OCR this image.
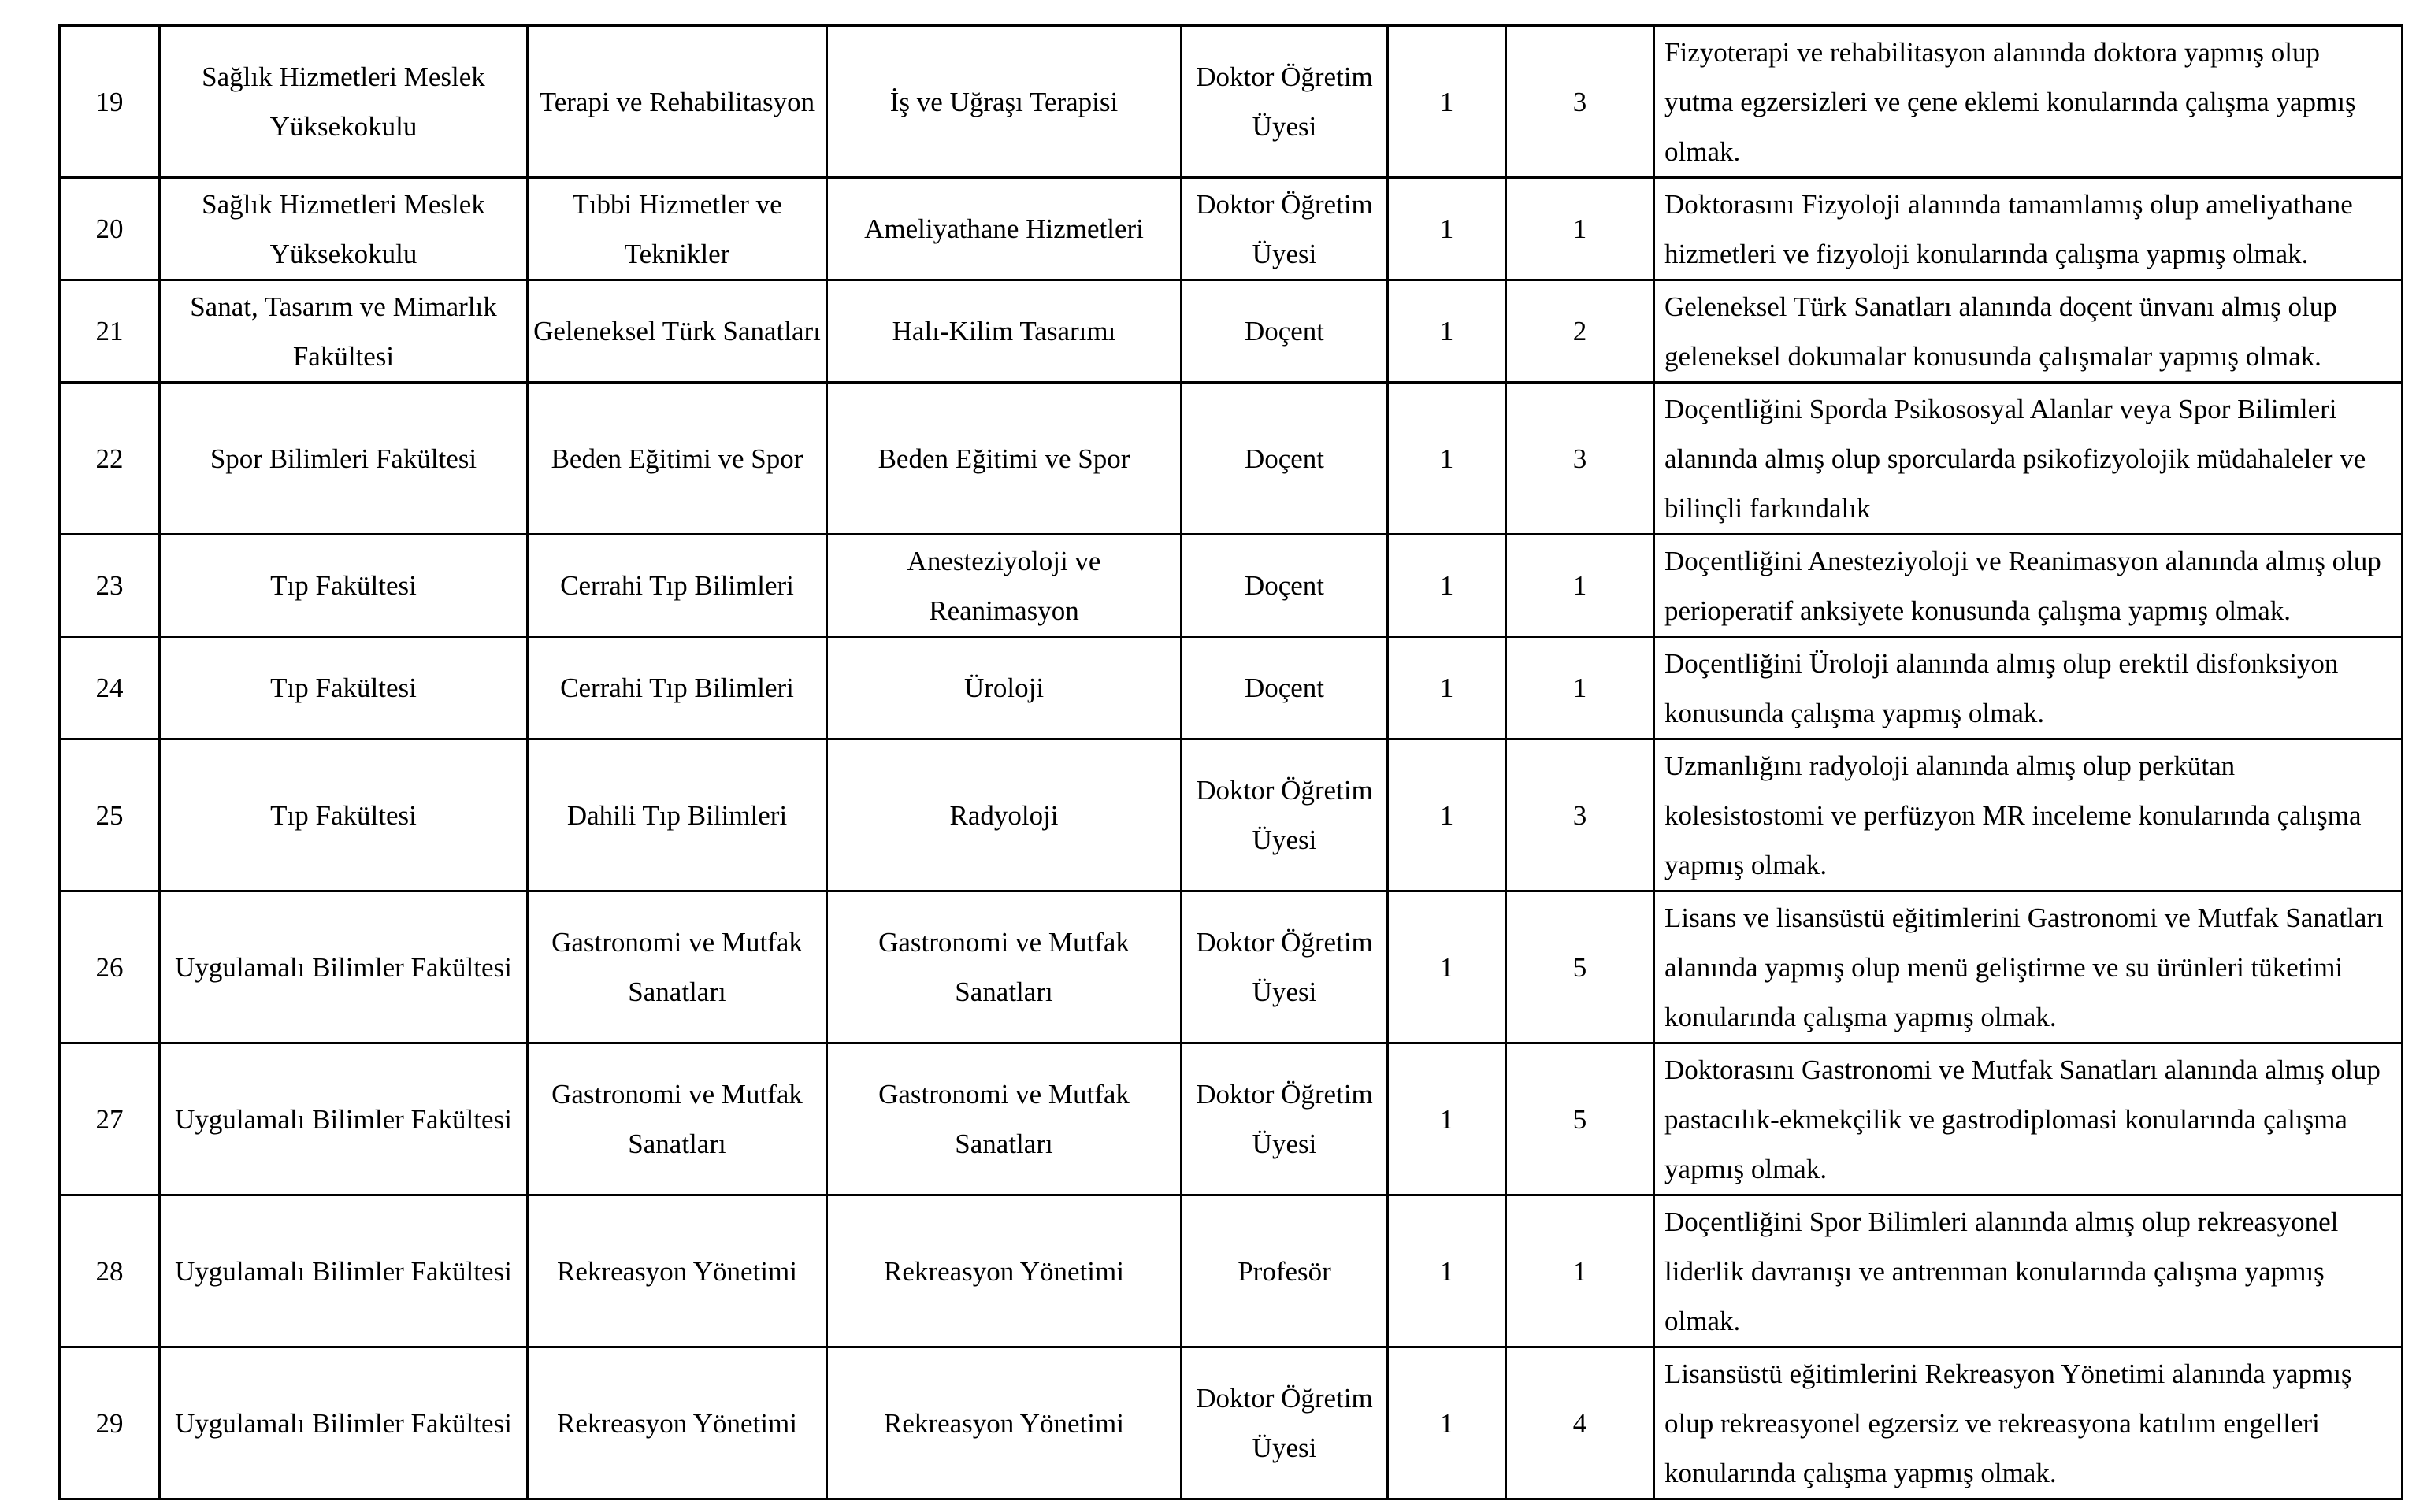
19	Sağlık Hizmetleri Meslek Yüksekokulu	Terapi ve Rehabilitasyon	İş ve Uğraşı Terapisi	Doktor Öğretim Üyesi	1	3	Fizyoterapi ve rehabilitasyon alanında doktora yapmış olup yutma egzersizleri ve çene eklemi konularında çalışma yapmış olmak.
20	Sağlık Hizmetleri Meslek Yüksekokulu	Tıbbi Hizmetler ve Teknikler	Ameliyathane Hizmetleri	Doktor Öğretim Üyesi	1	1	Doktorasını Fizyoloji alanında tamamlamış olup ameliyathane hizmetleri ve fizyoloji konularında çalışma yapmış olmak.
21	Sanat, Tasarım ve Mimarlık Fakültesi	Geleneksel Türk Sanatları	Halı-Kilim Tasarımı	Doçent	1	2	Geleneksel Türk Sanatları alanında doçent ünvanı almış olup geleneksel dokumalar konusunda çalışmalar yapmış olmak.
22	Spor Bilimleri Fakültesi	Beden Eğitimi ve Spor	Beden Eğitimi ve Spor	Doçent	1	3	Doçentliğini Sporda Psikososyal Alanlar veya Spor Bilimleri alanında almış olup sporcularda psikofizyolojik müdahaleler ve bilinçli farkındalık
23	Tıp Fakültesi	Cerrahi Tıp Bilimleri	Anesteziyoloji ve Reanimasyon	Doçent	1	1	Doçentliğini Anesteziyoloji ve Reanimasyon alanında almış olup perioperatif anksiyete konusunda çalışma yapmış olmak.
24	Tıp Fakültesi	Cerrahi Tıp Bilimleri	Üroloji	Doçent	1	1	Doçentliğini Üroloji alanında almış olup erektil disfonksiyon konusunda çalışma yapmış olmak.
25	Tıp Fakültesi	Dahili Tıp Bilimleri	Radyoloji	Doktor Öğretim Üyesi	1	3	Uzmanlığını radyoloji alanında almış olup perkütan kolesistostomi ve perfüzyon MR inceleme konularında çalışma yapmış olmak.
26	Uygulamalı Bilimler Fakültesi	Gastronomi ve Mutfak Sanatları	Gastronomi ve Mutfak Sanatları	Doktor Öğretim Üyesi	1	5	Lisans ve lisansüstü eğitimlerini Gastronomi ve Mutfak Sanatları alanında yapmış olup menü geliştirme ve su ürünleri tüketimi konularında çalışma yapmış olmak.
27	Uygulamalı Bilimler Fakültesi	Gastronomi ve Mutfak Sanatları	Gastronomi ve Mutfak Sanatları	Doktor Öğretim Üyesi	1	5	Doktorasını Gastronomi ve Mutfak Sanatları alanında almış olup pastacılık-ekmekçilik ve gastrodiplomasi konularında çalışma yapmış olmak.
28	Uygulamalı Bilimler Fakültesi	Rekreasyon Yönetimi	Rekreasyon Yönetimi	Profesör	1	1	Doçentliğini Spor Bilimleri alanında almış olup rekreasyonel liderlik davranışı ve antrenman konularında çalışma yapmış olmak.
29	Uygulamalı Bilimler Fakültesi	Rekreasyon Yönetimi	Rekreasyon Yönetimi	Doktor Öğretim Üyesi	1	4	Lisansüstü eğitimlerini Rekreasyon Yönetimi alanında yapmış olup rekreasyonel egzersiz ve rekreasyona katılım engelleri konularında çalışma yapmış olmak.
